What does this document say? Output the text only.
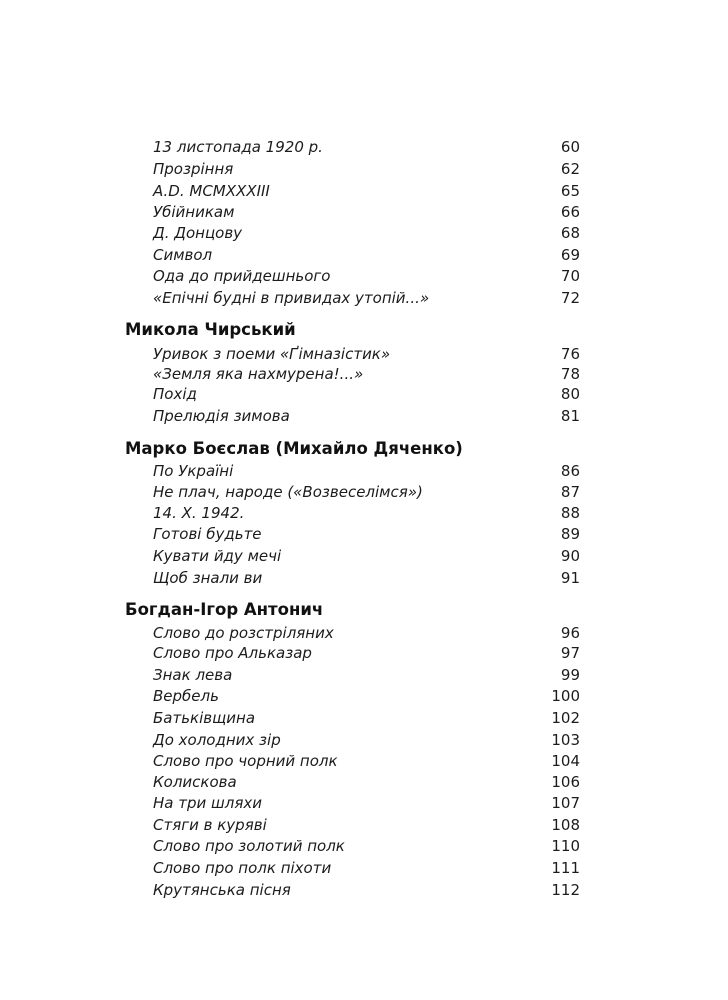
13 листопада 1920 р.	60
Прозріння	62
A.D. MCMXXXIII	65
Убійникам	66
Д. Донцову	68
Символ	69
Ода до прийдешнього	70
«Епічні будні в привидах утопій...»	72
Микола Чирський
Уривок з поеми «Ґімназістик»	76
«Земля яка нахмурена!...»	78
Похід	80
Прелюдія зимова	81
Марко Боєслав (Михайло Дяченко)
По Україні	86
Не плач, народе («Возвеселімся»)	87
14. X. 1942.	88
Готові будьте	89
Кувати йду мечі	90
Щоб знали ви	91
Богдан-Ігор Антонич
Слово до розстріляних	96
Слово про Альказар	97
Знак лева	99
Вербель	100
Батьківщина	102
До холодних зір	103
Слово про чорний полк	104
Колискова	106
На три шляхи	107
Стяги в куряві	108
Слово про золотий полк	110
Слово про полк піхоти	111
Крутянська пісня	112
